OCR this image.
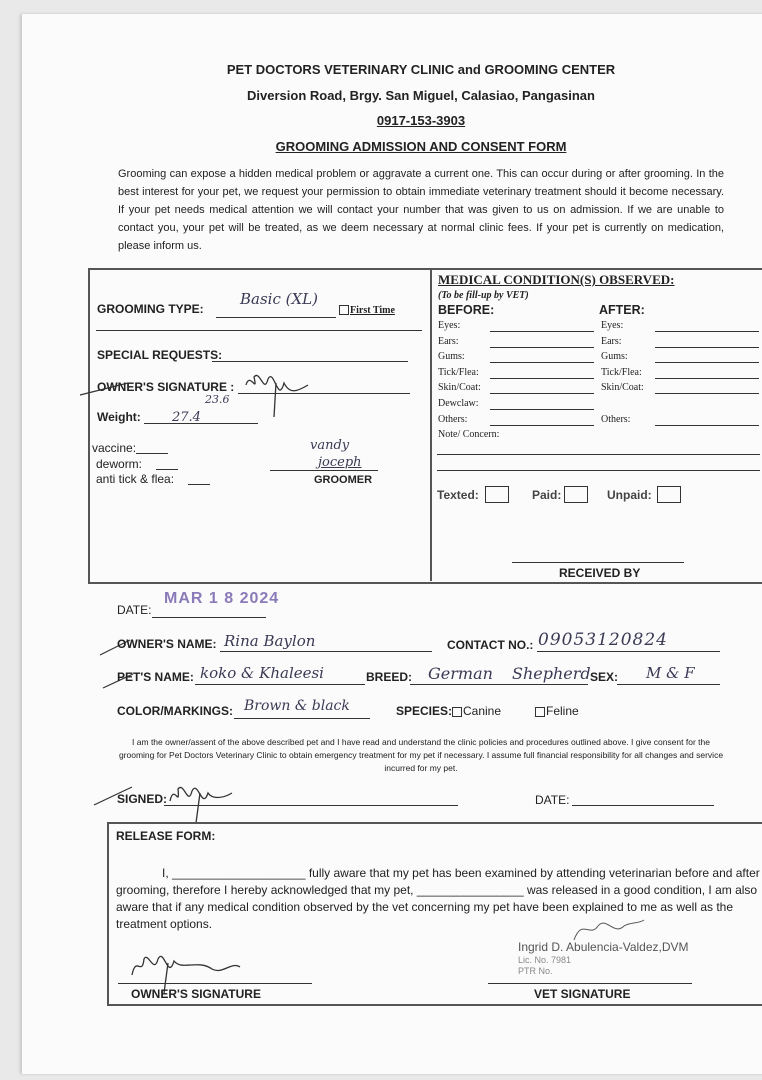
PET DOCTORS VETERINARY CLINIC and GROOMING CENTER
Diversion Road, Brgy. San Miguel, Calasiao, Pangasinan
0917-153-3903
GROOMING ADMISSION AND CONSENT FORM
Grooming can expose a hidden medical problem or aggravate a current one. This can occur during or after grooming. In the best interest for your pet, we request your permission to obtain immediate veterinary treatment should it become necessary. If your pet needs medical attention we will contact your number that was given to us on admission. If we are unable to contact you, your pet will be treated, as we deem necessary at normal clinic fees. If your pet is currently on medication, please inform us.
GROOMING TYPE:
Basic (XL)
First Time
SPECIAL REQUESTS:
OWNER'S SIGNATURE :
Weight:
23.6
27.4
vaccine:
deworm:
anti tick & flea:
vandy
joceph
GROOMER
MEDICAL CONDITION(S) OBSERVED:
(To be fill-up by VET)
BEFORE:	AFTER:
Eyes:	Eyes:
Ears:	Ears:
Gums:	Gums:
Tick/Flea:	Tick/Flea:
Skin/Coat:	Skin/Coat:
Dewclaw:
Others:	Others:
Note/ Concern:
Texted:	Paid:	Unpaid:
RECEIVED BY
DATE:
MAR 1 8 2024
OWNER'S NAME: Rina Baylon	CONTACT NO.: 09053120824
PET'S NAME: koko & Khaleesi	BREED: German Shepherd SEX: M & F
COLOR/MARKINGS: Brown & black	SPECIES: Canine	Feline
I am the owner/assent of the above described pet and I have read and understand the clinic policies and procedures outlined above. I give consent for the grooming for Pet Doctors Veterinary Clinic to obtain emergency treatment for my pet if necessary. I assume full financial responsibility for all changes and service incurred for my pet.
SIGNED:	DATE:
RELEASE FORM:
I, ____________________ fully aware that my pet has been examined by attending veterinarian before and after grooming, therefore I hereby acknowledged that my pet, ________________ was released in a good condition, I am also aware that if any medical condition observed by the vet concerning my pet have been explained to me as well as the treatment options.
Ingrid D. Abulencia-Valdez,DVM
Lic. No. 7981
PTR No.
OWNER'S SIGNATURE	VET SIGNATURE
